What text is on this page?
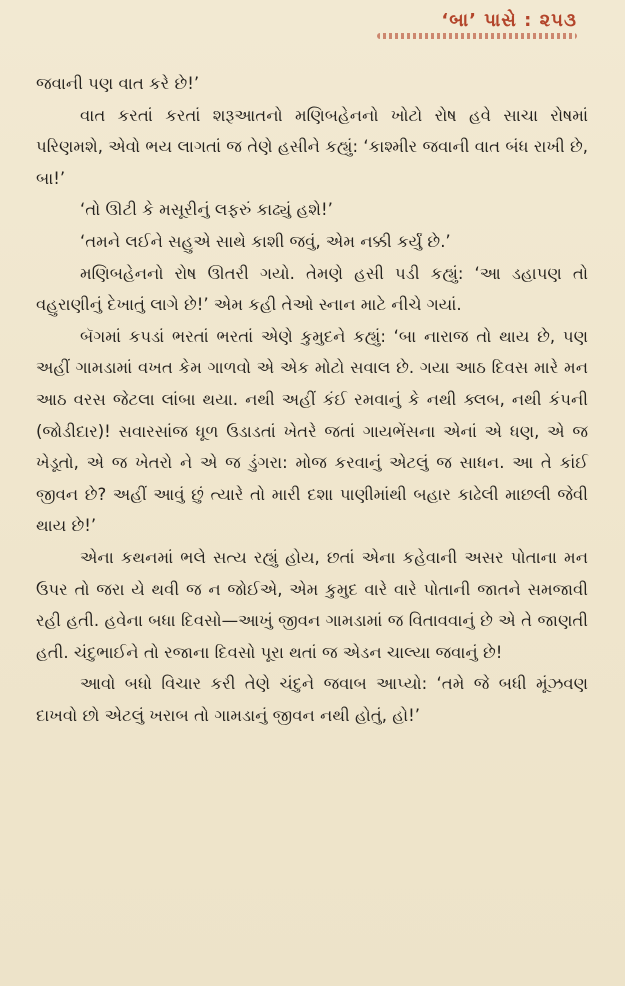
‘બા’ પાસે : ૨૫૩

જવાની પણ વાત કરે છે!’

વાત કરતાં કરતાં શરૂઆતનો મણિબહેનનો ખોટો રોષ હવે સાચા રોષમાં પરિણમશે, એવો ભય લાગતાં જ તેણે હસીને કહ્યું: ‘કાશ્મીર જવાની વાત બંધ રાખી છે, બા!’

‘તો ઊટી કે મસૂરીનું લફરું કાઢ્યું હશે!’

‘તમને લઈને સહુએ સાથે કાશી જવું, એમ નક્કી કર્યું છે.’

મણિબહેનનો રોષ ઊતરી ગયો. તેમણે હસી પડી કહ્યું: ‘આ ડહાપણ તો વહુરાણીનું દેખાતું લાગે છે!’ એમ કહી તેઓ સ્નાન માટે નીચે ગયાં.

બૅગમાં કપડાં ભરતાં ભરતાં એણે કુમુદને કહ્યું: ‘બા નારાજ તો થાય છે, પણ અહીં ગામડામાં વખત કેમ ગાળવો એ એક મોટો સવાલ છે. ગયા આઠ દિવસ મારે મન આઠ વરસ જેટલા લાંબા થયા. નથી અહીં કંઈ રમવાનું કે નથી ક્લબ, નથી કંપની (જોડીદાર)! સવારસાંજ ધૂળ ઉડાડતાં ખેતરે જતાં ગાયભેંસના એનાં એ ધણ, એ જ ખેડૂતો, એ જ ખેતરો ને એ જ ડુંગરા: મોજ કરવાનું એટલું જ સાધન. આ તે કાંઈ જીવન છે? અહીં આવું છું ત્યારે તો મારી દશા પાણીમાંથી બહાર કાઢેલી માછલી જેવી થાય છે!’

એના કથનમાં ભલે સત્ય રહ્યું હોય, છતાં એના કહેવાની અસર પોતાના મન ઉપર તો જરા યે થવી જ ન જોઈએ, એમ કુમુદ વારે વારે પોતાની જાતને સમજાવી રહી હતી. હવેના બધા દિવસો—આખું જીવન ગામડામાં જ વિતાવવાનું છે એ તે જાણતી હતી. ચંદુભાઈને તો રજાના દિવસો પૂરા થતાં જ એડન ચાલ્યા જવાનું છે!

આવો બધો વિચાર કરી તેણે ચંદુને જવાબ આપ્યો: ‘તમે જે બધી મૂંઝવણ દાખવો છો એટલું ખરાબ તો ગામડાનું જીવન નથી હોતું, હો!’
